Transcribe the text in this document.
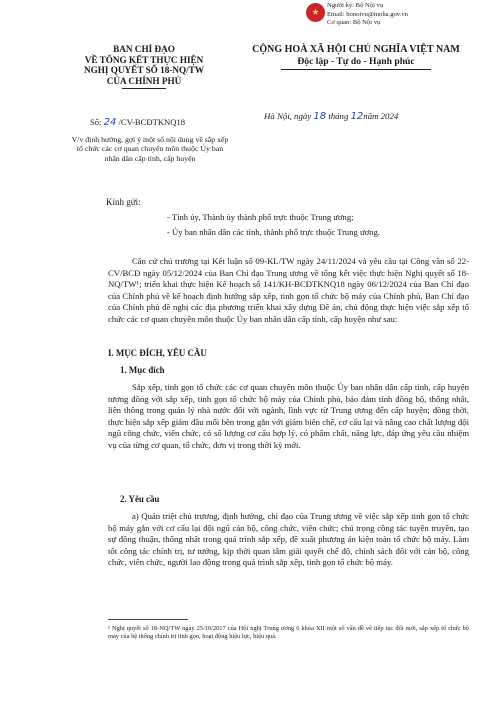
★
Người ký: Bộ Nội vụ
Email: bonoivu@moha.gov.vn
Cơ quan: Bộ Nội vụ
BAN CHỈ ĐẠO
VỀ TỔNG KẾT THỰC HIỆN
NGHỊ QUYẾT SỐ 18-NQ/TW
CỦA CHÍNH PHỦ
CỘNG HOÀ XÃ HỘI CHỦ NGHĨA VIỆT NAM
Độc lập - Tự do - Hạnh phúc
Số: 24 /CV-BCĐTKNQ18
Hà Nội, ngày 18 tháng 12năm 2024
V/v định hướng, gợi ý một số nội dung về sắp xếp tổ chức các cơ quan chuyên môn thuộc Ủy ban nhân dân cấp tỉnh, cấp huyện
Kính gửi:
- Tỉnh ủy, Thành ủy thành phố trực thuộc Trung ương;
- Ủy ban nhân dân các tỉnh, thành phố trực thuộc Trung ương.
Căn cứ chủ trương tại Kết luận số 09-KL/TW ngày 24/11/2024 và yêu cầu tại Công văn số 22-CV/BCĐ ngày 05/12/2024 của Ban Chỉ đạo Trung ương về tổng kết việc thực hiện Nghị quyết số 18-NQ/TW¹; triển khai thực hiện Kế hoạch số 141/KH-BCĐTKNQ18 ngày 06/12/2024 của Ban Chỉ đạo của Chính phủ về kế hoạch định hướng sắp xếp, tinh gọn tổ chức bộ máy của Chính phủ, Ban Chỉ đạo của Chính phủ đề nghị các địa phương triển khai xây dựng Đề án, chủ động thực hiện việc sắp xếp tổ chức các cơ quan chuyên môn thuộc Ủy ban nhân dân cấp tỉnh, cấp huyện như sau:
I. MỤC ĐÍCH, YÊU CẦU
1. Mục đích
Sắp xếp, tinh gọn tổ chức các cơ quan chuyên môn thuộc Ủy ban nhân dân cấp tỉnh, cấp huyện tương đồng với sắp xếp, tinh gọn tổ chức bộ máy của Chính phủ, bảo đảm tính đồng bộ, thống nhất, liên thông trong quản lý nhà nước đối với ngành, lĩnh vực từ Trung ương đến cấp huyện; đồng thời, thực hiện sắp xếp giảm đầu mối bên trong gắn với giảm biên chế, cơ cấu lại và nâng cao chất lượng đội ngũ công chức, viên chức, có số lượng cơ cấu hợp lý, có phẩm chất, năng lực, đáp ứng yêu cầu nhiệm vụ của từng cơ quan, tổ chức, đơn vị trong thời kỳ mới.
2. Yêu cầu
a) Quán triệt chủ trương, định hướng, chỉ đạo của Trung ương về việc sắp xếp tinh gọn tổ chức bộ máy gắn với cơ cấu lại đội ngũ cán bộ, công chức, viên chức; chú trọng công tác tuyên truyền, tạo sự đồng thuận, thống nhất trong quá trình sắp xếp, đề xuất phương án kiện toàn tổ chức bộ máy. Làm tốt công tác chính trị, tư tưởng, kịp thời quan tâm giải quyết chế độ, chính sách đối với cán bộ, công chức, viên chức, người lao động trong quá trình sắp xếp, tinh gọn tổ chức bộ máy.
¹ Nghị quyết số 18-NQ/TW ngày 25/10/2017 của Hội nghị Trung ương 6 khóa XII một số vấn đề về tiếp tục đổi mới, sắp xếp tổ chức bộ máy của hệ thống chính trị tinh gọn, hoạt động hiệu lực, hiệu quả.
